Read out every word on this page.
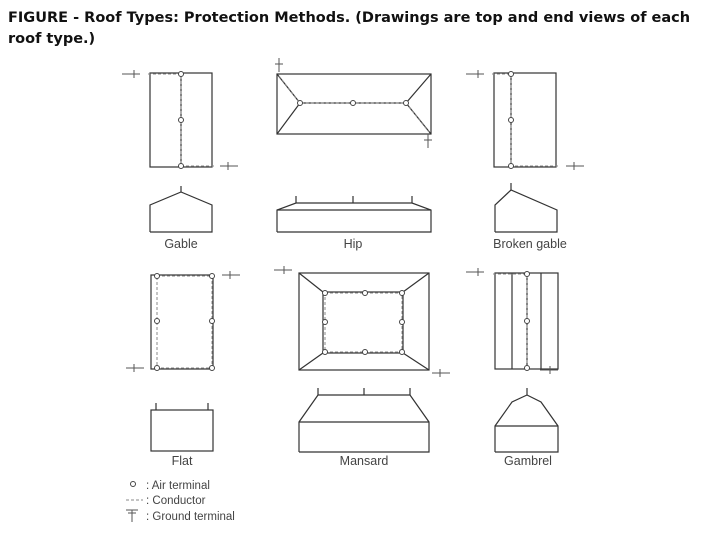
FIGURE - Roof Types: Protection Methods. (Drawings are top and end views of each roof type.)

Gable	Hip	Broken gable
Flat	Mansard	Gambrel
: Air terminal
: Conductor
: Ground terminal
